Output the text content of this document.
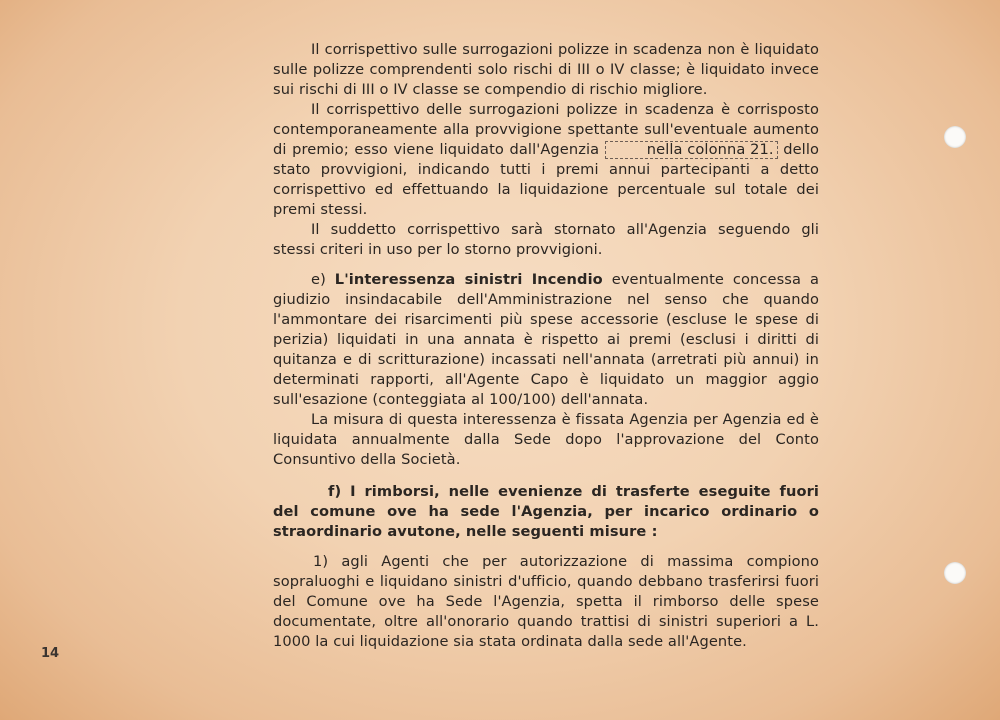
Il corrispettivo sulle surrogazioni polizze in scadenza non è liquidato sulle polizze comprendenti solo rischi di III o IV classe; è liquidato invece sui rischi di III o IV classe se compendio di rischio migliore.

Il corrispettivo delle surrogazioni polizze in scadenza è corrisposto contemporaneamente alla provvigione spettante sull'eventuale aumento di premio; esso viene liquidato dall'Agenzia	nella colonna 21. dello stato provvigioni, indicando tutti i premi annui partecipanti a detto corrispettivo ed effettuando la liquidazione percentuale sul totale dei premi stessi.

Il suddetto corrispettivo sarà stornato all'Agenzia seguendo gli stessi criteri in uso per lo storno provvigioni.

e) L'interessenza sinistri Incendio eventualmente concessa a giudizio insindacabile dell'Amministrazione nel senso che quando l'ammontare dei risarcimenti più spese accessorie (escluse le spese di perizia) liquidati in una annata è rispetto ai premi (esclusi i diritti di quitanza e di scritturazione) incassati nell'annata (arretrati più annui) in determinati rapporti, all'Agente Capo è liquidato un maggior aggio sull'esazione (conteggiata al 100/100) dell'annata.

La misura di questa interessenza è fissata Agenzia per Agenzia ed è liquidata annualmente dalla Sede dopo l'approvazione del Conto Consuntivo della Società.

f) I rimborsi, nelle evenienze di trasferte eseguite fuori del comune ove ha sede l'Agenzia, per incarico ordinario o straordinario avutone, nelle seguenti misure :

1) agli Agenti che per autorizzazione di massima compiono sopraluoghi e liquidano sinistri d'ufficio, quando debbano trasferirsi fuori del Comune ove ha Sede l'Agenzia, spetta il rimborso delle spese documentate, oltre all'onorario quando trattisi di sinistri superiori a L. 1000 la cui liquidazione sia stata ordinata dalla sede all'Agente.

14
